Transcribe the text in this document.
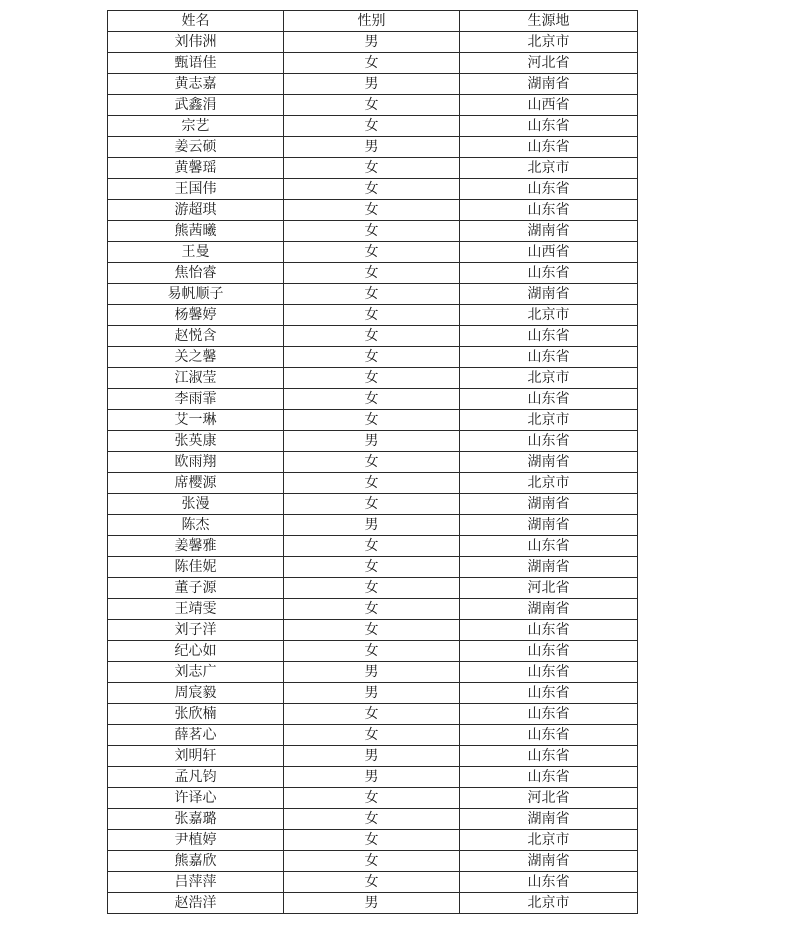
姓名	性别	生源地
刘伟洲	男	北京市
甄语佳	女	河北省
黄志嘉	男	湖南省
武鑫涓	女	山西省
宗艺	女	山东省
姜云硕	男	山东省
黄馨瑶	女	北京市
王国伟	女	山东省
游超琪	女	山东省
熊茜曦	女	湖南省
王曼	女	山西省
焦怡睿	女	山东省
易帆顺子	女	湖南省
杨馨婷	女	北京市
赵悦含	女	山东省
关之馨	女	山东省
江淑莹	女	北京市
李雨霏	女	山东省
艾一琳	女	北京市
张英康	男	山东省
欧雨翔	女	湖南省
席樱源	女	北京市
张漫	女	湖南省
陈杰	男	湖南省
姜馨雅	女	山东省
陈佳妮	女	湖南省
董子源	女	河北省
王靖雯	女	湖南省
刘子洋	女	山东省
纪心如	女	山东省
刘志广	男	山东省
周宸毅	男	山东省
张欣楠	女	山东省
薛茗心	女	山东省
刘明轩	男	山东省
孟凡钧	男	山东省
许译心	女	河北省
张嘉璐	女	湖南省
尹植婷	女	北京市
熊嘉欣	女	湖南省
吕萍萍	女	山东省
赵浩洋	男	北京市
